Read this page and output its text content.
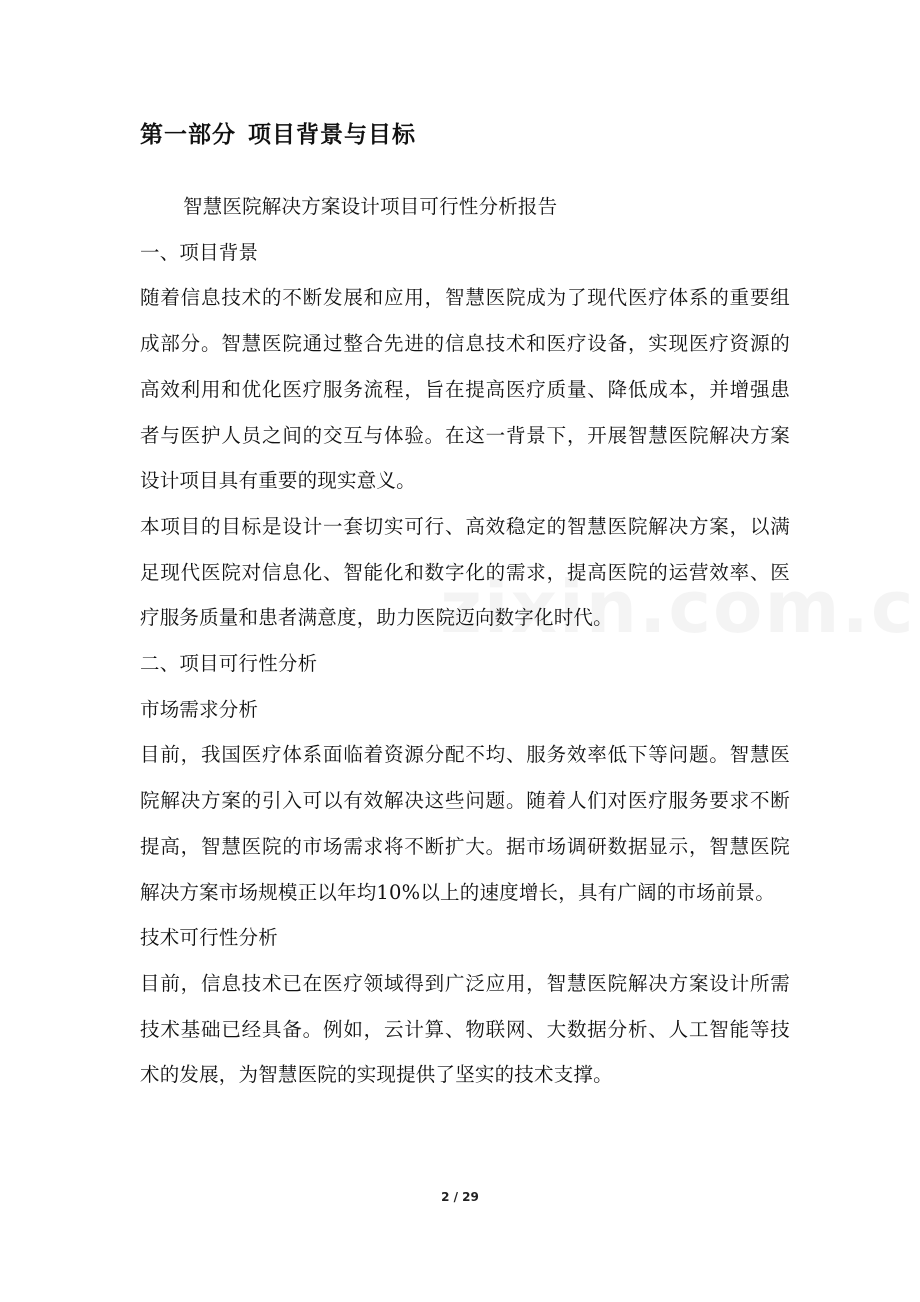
第一部分 项目背景与目标

智慧医院解决方案设计项目可行性分析报告

一、项目背景

随着信息技术的不断发展和应用，智慧医院成为了现代医疗体系的重要组成部分。智慧医院通过整合先进的信息技术和医疗设备，实现医疗资源的高效利用和优化医疗服务流程，旨在提高医疗质量、降低成本，并增强患者与医护人员之间的交互与体验。在这一背景下，开展智慧医院解决方案设计项目具有重要的现实意义。

本项目的目标是设计一套切实可行、高效稳定的智慧医院解决方案，以满足现代医院对信息化、智能化和数字化的需求，提高医院的运营效率、医疗服务质量和患者满意度，助力医院迈向数字化时代。

二、项目可行性分析

市场需求分析

目前，我国医疗体系面临着资源分配不均、服务效率低下等问题。智慧医院解决方案的引入可以有效解决这些问题。随着人们对医疗服务要求不断提高，智慧医院的市场需求将不断扩大。据市场调研数据显示，智慧医院解决方案市场规模正以年均10%以上的速度增长，具有广阔的市场前景。

技术可行性分析

目前，信息技术已在医疗领域得到广泛应用，智慧医院解决方案设计所需技术基础已经具备。例如，云计算、物联网、大数据分析、人工智能等技术的发展，为智慧医院的实现提供了坚实的技术支撑。

2 / 29
